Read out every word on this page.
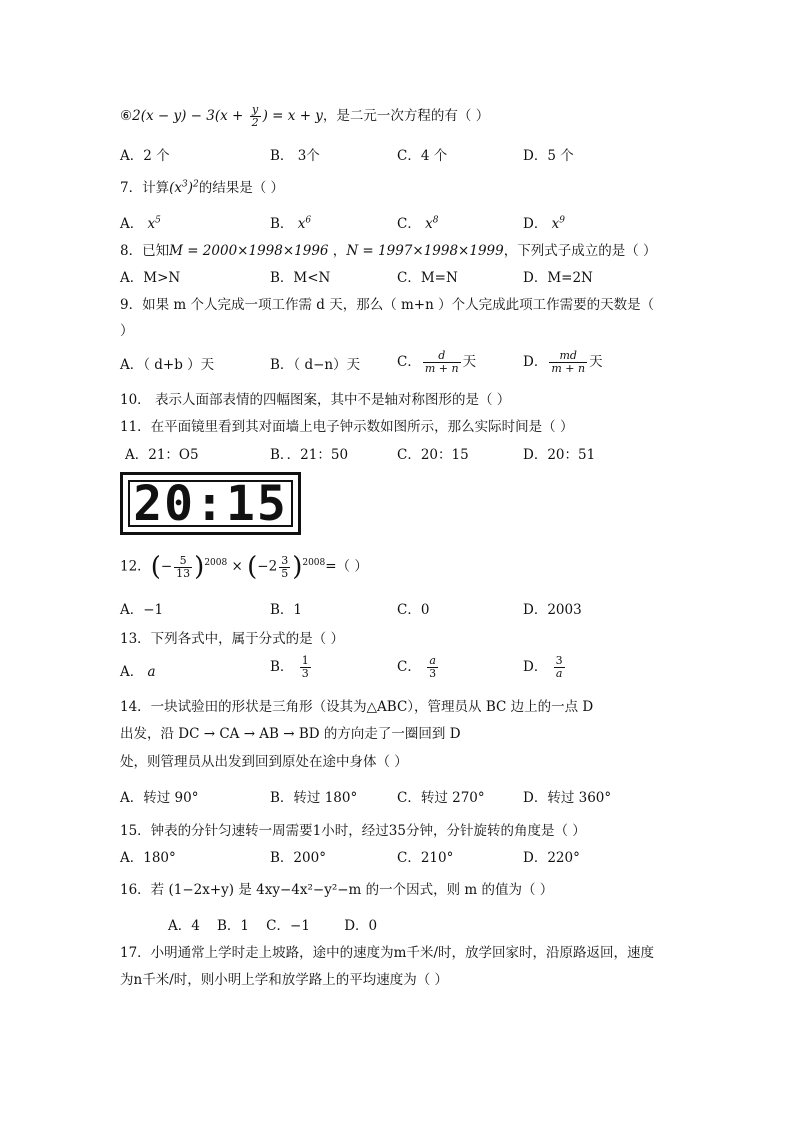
⑥2(x − $y) - 3(x + \frac{y}{2}$ ) = x + y，是二元一次方程的有（ ）
A．2 个	B． 3个	C．4 个	D．5 个
7．计算$(x^3)^2$的结果是（ ）
A． $x^5$	B． $x^6$	C． $x^8$	D． $x^9$
8．已知M = 2000×1998×1996 ，N = 1997×1998×1999，下列式子成立的是（ ）
A．M>N	B．M<N	C．M=N	D．M=2N
9．如果 m 个人完成一项工作需 d 天，那么（ m+n ）个人完成此项工作需要的天数是（
）
A．（ d+b ）天	B．（ d−n）天	C． $\frac{d}{m + n}$ 天	D． $\frac{md}{m + n}$ 天
10． 表示人面部表情的四幅图案，其中不是轴对称图形的是（ ）
11．在平面镜里看到其对面墙上电子钟示数如图所示，那么实际时间是（ ）
A．21：O5	B．．21：50	C．20：15	D．20：51
20:15
12．(− $\frac{5}{13} )^{2008} \times (-2 \frac{3}{5} )^{2008}=$（ ）
A．−1	B．1	C．0	D．2003
13．下列各式中，属于分式的是（ ）
A． a	B． $\frac{1}{3}$	C． $\frac{a}{3}$	D． $\frac{3}{a}$
14．一块试验田的形状是三角形（设其为△ABC），管理员从 BC 边上的一点 D
出发，沿 DC → CA → AB → BD 的方向走了一圈回到 D
处，则管理员从出发到回到原处在途中身体（ ）
A．转过 90°	B．转过 180°	C．转过 270°	D．转过 360°
15．钟表的分针匀速转一周需要1小时，经过35分钟，分针旋转的角度是（ ）
A．180°	B．200°	C．210°	D．220°
16．若 (1−2x+y) 是 4xy−4x²−y²−m 的一个因式，则 m 的值为（ ）
A．4    B．1    C．−1        D．0
17．小明通常上学时走上坡路，途中的速度为m千米/时，放学回家时，沿原路返回，速度
为n千米/时，则小明上学和放学路上的平均速度为（ ）
